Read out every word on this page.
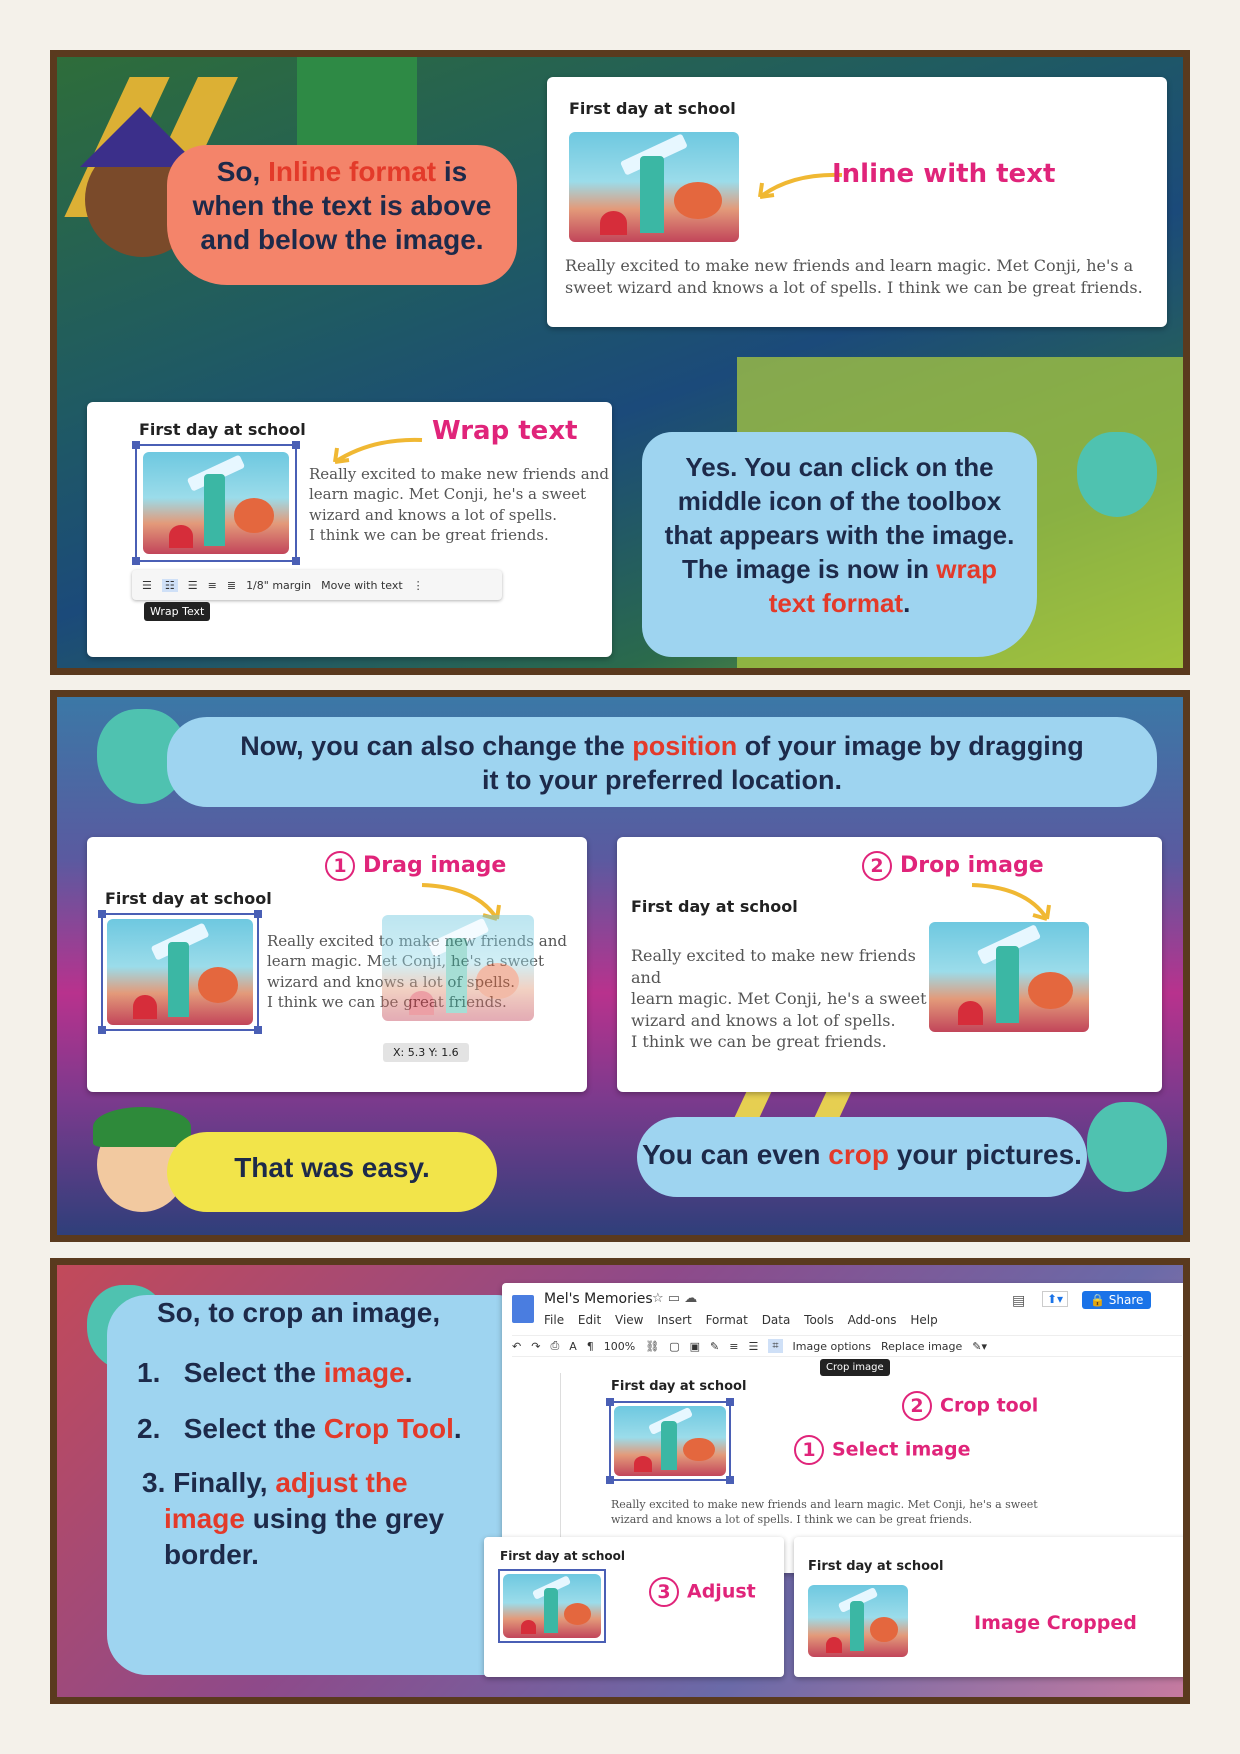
So, Inline format is
when the text is above
and below the image.
First day at school
Inline with text
Really excited to make new friends and learn magic. Met Conji, he's a sweet wizard and knows a lot of spells. I think we can be great friends.
First day at school	Wrap text
Really excited to make new friends and
learn magic. Met Conji, he's a sweet
wizard and knows a lot of spells.
I think we can be great friends.
☰ ☷ ☰ ≡ ≣ 1/8" margin Move with text ⋮
Wrap Text
Yes. You can click on the
middle icon of the toolbox
that appears with the image.
The image is now in wrap
text format.
Now, you can also change the position of your image by dragging
it to your preferred location.
1 Drag image
First day at school
Really excited to make new friends and
learn magic. Met Conji, he's a sweet
wizard and knows a lot of spells.
I think we can be great friends.
X: 5.3 Y: 1.6
2 Drop image
First day at school
Really excited to make new friends and
learn magic. Met Conji, he's a sweet
wizard and knows a lot of spells.
I think we can be great friends.
That was easy.	You can even crop your pictures.
So, to crop an image,
1. Select the image.
2. Select the Crop Tool.
3. Finally, adjust the
image using the grey
border.
Mel's Memories ☆ ▭ ☁
File Edit View Insert Format Data Tools Add-ons Help
▤	⬆▾	🔒 Share
↶ ↷ ⎙ A ¶ 100% ⛓ ▢ ▣ ✎ ≡ ☰	⌗	Image options Replace image ✎▾
Crop image
First day at school
Really excited to make new friends and learn magic. Met Conji, he's a sweet
wizard and knows a lot of spells. I think we can be great friends.
2 Crop tool
1 Select image
First day at school
3 Adjust
First day at school
Image Cropped
